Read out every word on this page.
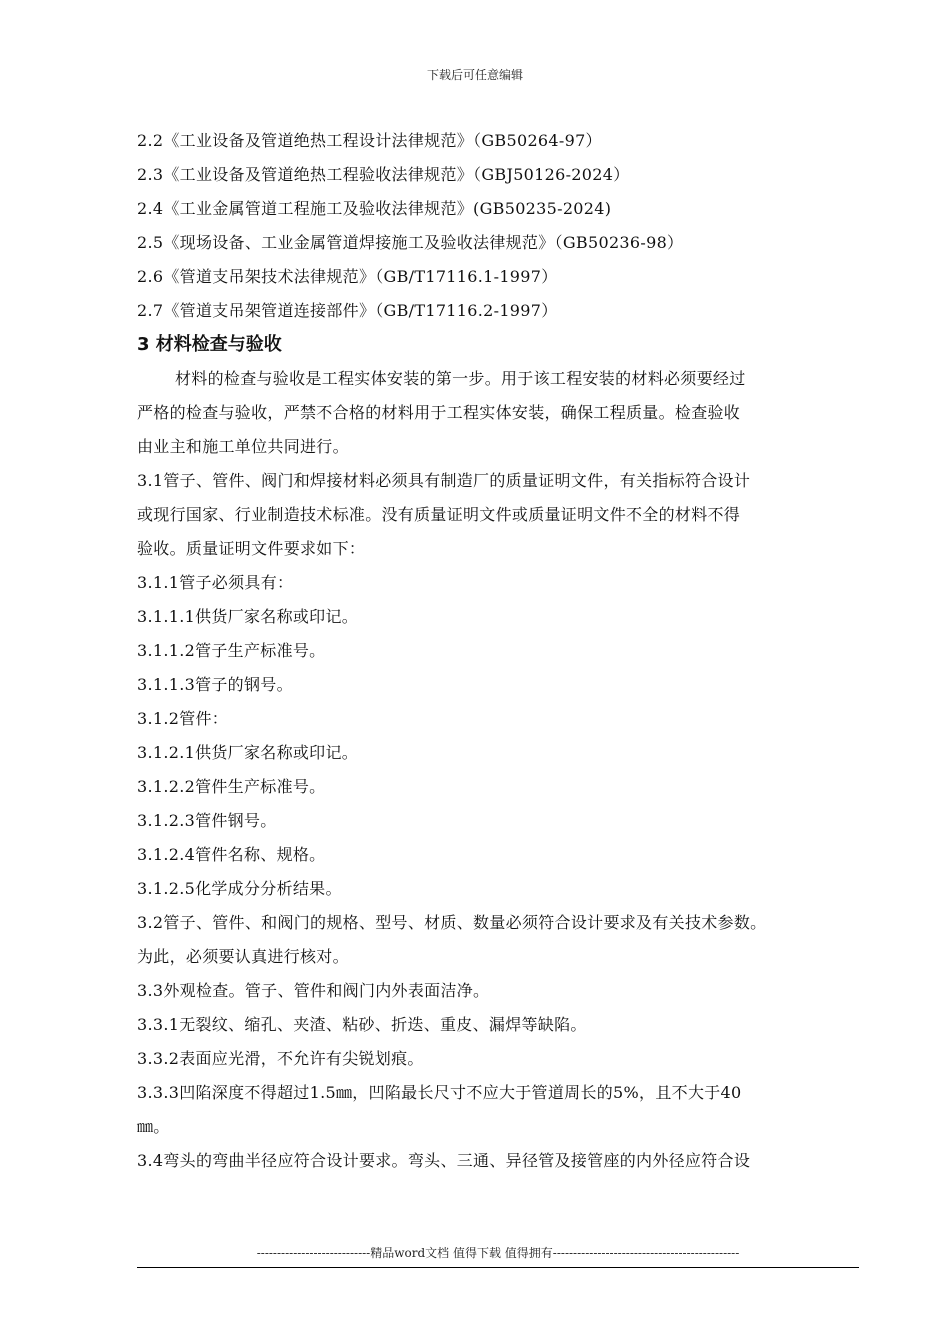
下载后可任意编辑
2.2《工业设备及管道绝热工程设计法律规范》（GB50264-97）
2.3《工业设备及管道绝热工程验收法律规范》（GBJ50126-2024）
2.4《工业金属管道工程施工及验收法律规范》(GB50235-2024)
2.5《现场设备、工业金属管道焊接施工及验收法律规范》（GB50236-98）
2.6《管道支吊架技术法律规范》（GB/T17116.1-1997）
2.7《管道支吊架管道连接部件》（GB/T17116.2-1997）
3 材料检查与验收
材料的检查与验收是工程实体安装的第一步。用于该工程安装的材料必须要经过
严格的检查与验收，严禁不合格的材料用于工程实体安装，确保工程质量。检查验收
由业主和施工单位共同进行。
3.1管子、管件、阀门和焊接材料必须具有制造厂的质量证明文件，有关指标符合设计
或现行国家、行业制造技术标准。没有质量证明文件或质量证明文件不全的材料不得
验收。质量证明文件要求如下：
3.1.1管子必须具有：
3.1.1.1供货厂家名称或印记。
3.1.1.2管子生产标准号。
3.1.1.3管子的钢号。
3.1.2管件：
3.1.2.1供货厂家名称或印记。
3.1.2.2管件生产标准号。
3.1.2.3管件钢号。
3.1.2.4管件名称、规格。
3.1.2.5化学成分分析结果。
3.2管子、管件、和阀门的规格、型号、材质、数量必须符合设计要求及有关技术参数。
为此，必须要认真进行核对。
3.3外观检查。管子、管件和阀门内外表面洁净。
3.3.1无裂纹、缩孔、夹渣、粘砂、折迭、重皮、漏焊等缺陷。
3.3.2表面应光滑，不允许有尖锐划痕。
3.3.3凹陷深度不得超过1.5㎜，凹陷最长尺寸不应大于管道周长的5%，且不大于40
㎜。
3.4弯头的弯曲半径应符合设计要求。弯头、三通、异径管及接管座的内外径应符合设
----------------------------精品word文档 值得下载 值得拥有----------------------------------------------
